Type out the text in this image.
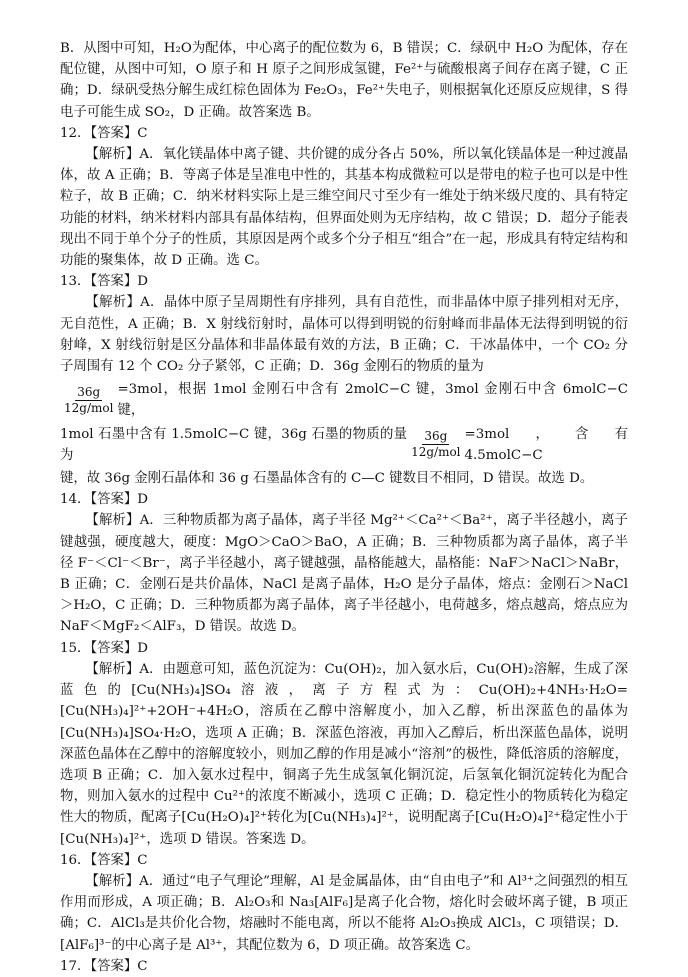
B．从图中可知，H₂O为配体，中心离子的配位数为 6，B 错误；C．绿矾中 H₂O 为配体，存在配位键，从图中可知，O 原子和 H 原子之间形成氢键，Fe²⁺与硫酸根离子间存在离子键，C 正确；D．绿矾受热分解生成红棕色固体为 Fe₂O₃，Fe²⁺失电子，则根据氧化还原反应规律，S 得电子可能生成 SO₂，D 正确。故答案选 B。

12．【答案】C

【解析】A．氧化镁晶体中离子键、共价键的成分各占 50%，所以氧化镁晶体是一种过渡晶体，故 A 正确；B．等离子体是呈准电中性的，其基本构成微粒可以是带电的粒子也可以是中性粒子，故 B 正确；C．纳米材料实际上是三维空间尺寸至少有一维处于纳米级尺度的、具有特定功能的材料，纳米材料内部具有晶体结构，但界面处则为无序结构，故 C 错误；D．超分子能表现出不同于单个分子的性质，其原因是两个或多个分子相互“组合”在一起，形成具有特定结构和功能的聚集体，故 D 正确。选 C。

13．【答案】D

【解析】A．晶体中原子呈周期性有序排列，具有自范性，而非晶体中原子排列相对无序，无自范性，A 正确；B．X 射线衍射时，晶体可以得到明锐的衍射峰而非晶体无法得到明锐的衍射峰，X 射线衍射是区分晶体和非晶体最有效的方法，B 正确；C．干冰晶体中，一个 CO₂ 分子周围有 12 个 CO₂ 分子紧邻，C 正确；D．36g 金刚石的物质的量为

$\frac{36g}{\text{12g/mol}} =3mol$，根据 1mol 金刚石中含有 2molC−C 键，3mol 金刚石中含 6molC−C 键，
1mol 石墨中含有 1.5molC−C 键，36g 石墨的物质的量为	$\frac{36g}{\text{12g/mol}} =3mol$，含有 4.5molC−C

键，故 36g 金刚石晶体和 36 g 石墨晶体含有的 C—C 键数目不相同，D 错误。故选 D。

14．【答案】D

【解析】A．三种物质都为离子晶体，离子半径 Mg²⁺＜Ca²⁺＜Ba²⁺，离子半径越小，离子键越强，硬度越大，硬度：MgO＞CaO＞BaO，A 正确；B．三种物质都为离子晶体，离子半径 F⁻＜Cl⁻＜Br⁻，离子半径越小，离子键越强，晶格能越大，晶格能：NaF＞NaCl＞NaBr，B 正确；C．金刚石是共价晶体，NaCl 是离子晶体，H₂O 是分子晶体，熔点：金刚石＞NaCl＞H₂O，C 正确；D．三种物质都为离子晶体，离子半径越小，电荷越多，熔点越高，熔点应为 NaF＜MgF₂＜AlF₃，D 错误。故选 D。

15．【答案】D

【解析】A．由题意可知，蓝色沉淀为：Cu(OH)₂，加入氨水后，Cu(OH)₂溶解，生成了深蓝色的[Cu(NH₃)₄]SO₄溶液，离子方程式为：Cu(OH)₂+4NH₃·H₂O=[Cu(NH₃)₄]²⁺+2OH⁻+4H₂O，溶质在乙醇中溶解度小，加入乙醇，析出深蓝色的晶体为[Cu(NH₃)₄]SO₄·H₂O，选项 A 正确；B．深蓝色溶液，再加入乙醇后，析出深蓝色晶体，说明深蓝色晶体在乙醇中的溶解度较小，则加乙醇的作用是减小“溶剂”的极性，降低溶质的溶解度，选项 B 正确；C．加入氨水过程中，铜离子先生成氢氧化铜沉淀，后氢氧化铜沉淀转化为配合物，则加入氨水的过程中 Cu²⁺的浓度不断减小，选项 C 正确；D．稳定性小的物质转化为稳定性大的物质，配离子[Cu(H₂O)₄]²⁺转化为[Cu(NH₃)₄]²⁺，说明配离子[Cu(H₂O)₄]²⁺稳定性小于[Cu(NH₃)₄]²⁺，选项 D 错误。答案选 D。

16．【答案】C

【解析】A．通过“电子气理论”理解，Al 是金属晶体，由“自由电子”和 Al³⁺之间强烈的相互作用而形成，A 项正确；B．Al₂O₃和 Na₃[AlF₆]是离子化合物，熔化时会破坏离子键，B 项正确；C．AlCl₃是共价化合物，熔融时不能电离，所以不能将 Al₂O₃换成 AlCl₃，C 项错误；D．[AlF₆]³⁻的中心离子是 Al³⁺，其配位数为 6，D 项正确。故答案选 C。

17．【答案】C
